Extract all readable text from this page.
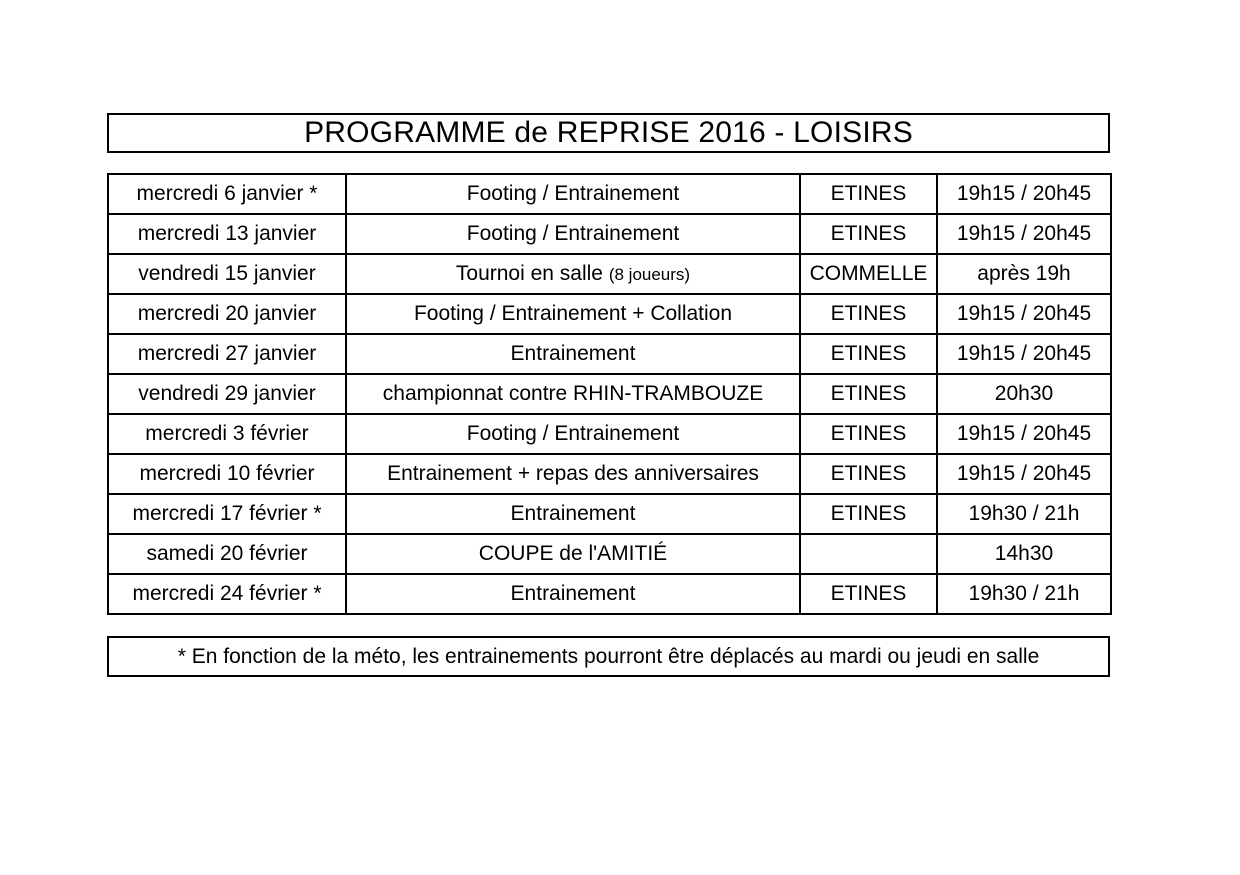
PROGRAMME de REPRISE 2016 - LOISIRS
mercredi 6 janvier *	Footing / Entrainement	ETINES	19h15 / 20h45
mercredi 13 janvier	Footing / Entrainement	ETINES	19h15 / 20h45
vendredi 15 janvier	Tournoi en salle (8 joueurs)	COMMELLE	après 19h
mercredi 20 janvier	Footing / Entrainement + Collation	ETINES	19h15 / 20h45
mercredi 27 janvier	Entrainement	ETINES	19h15 / 20h45
vendredi 29 janvier	championnat contre RHIN-TRAMBOUZE	ETINES	20h30
mercredi 3 février	Footing / Entrainement	ETINES	19h15 / 20h45
mercredi 10 février	Entrainement + repas des anniversaires	ETINES	19h15 / 20h45
mercredi 17 février *	Entrainement	ETINES	19h30 / 21h
samedi 20 février	COUPE de l'AMITIÉ		14h30
mercredi 24 février *	Entrainement	ETINES	19h30 / 21h
* En fonction de la méto, les entrainements pourront être déplacés au mardi ou jeudi en salle
